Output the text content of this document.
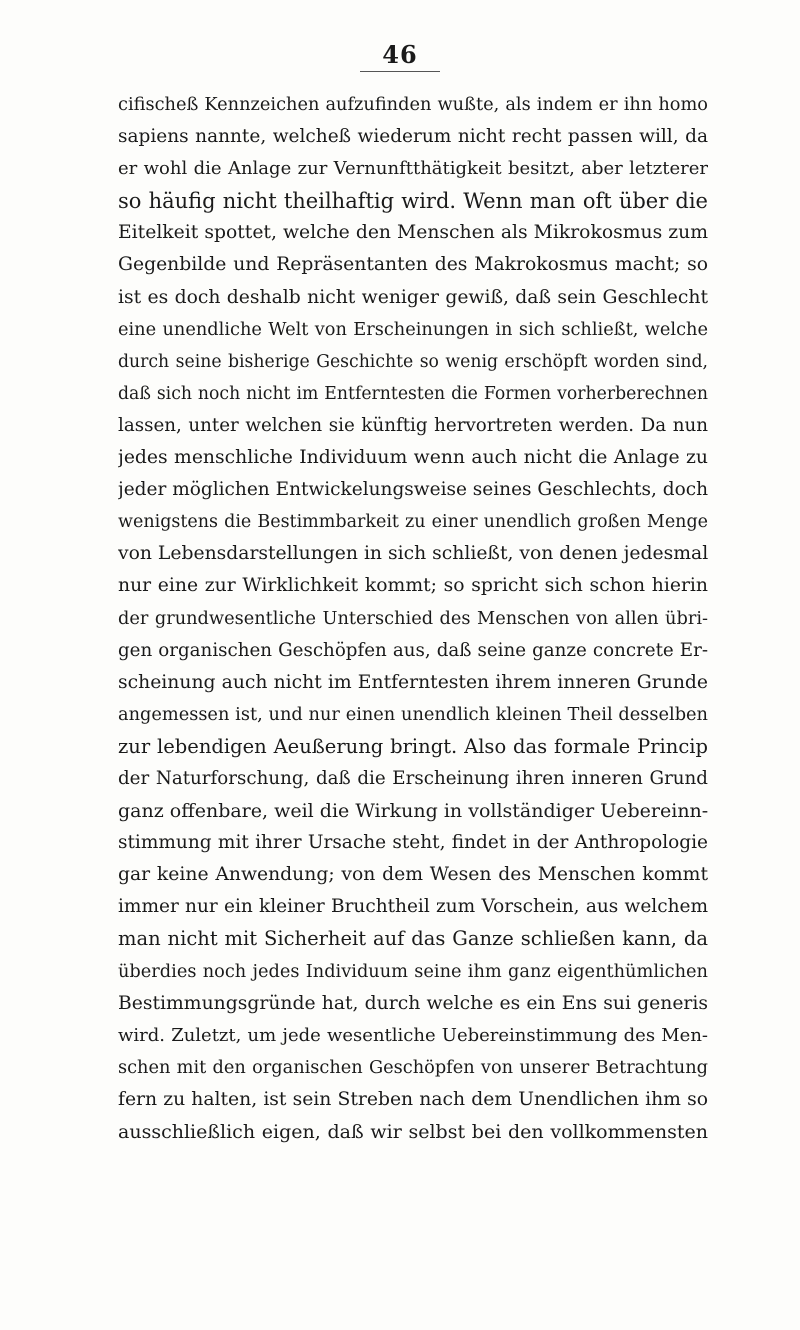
46
cifischeß Kennzeichen aufzufinden wußte, als indem er ihn homo
sapiens nannte, welcheß wiederum nicht recht passen will, da
er wohl die Anlage zur Vernunftthätigkeit besitzt, aber letzterer
so häufig nicht theilhaftig wird. Wenn man oft über die
Eitelkeit spottet, welche den Menschen als Mikrokosmus zum
Gegenbilde und Repräsentanten des Makrokosmus macht; so
ist es doch deshalb nicht weniger gewiß, daß sein Geschlecht
eine unendliche Welt von Erscheinungen in sich schließt, welche
durch seine bisherige Geschichte so wenig erschöpft worden sind,
daß sich noch nicht im Entferntesten die Formen vorherberechnen
lassen, unter welchen sie künftig hervortreten werden. Da nun
jedes menschliche Individuum wenn auch nicht die Anlage zu
jeder möglichen Entwickelungsweise seines Geschlechts, doch
wenigstens die Bestimmbarkeit zu einer unendlich großen Menge
von Lebensdarstellungen in sich schließt, von denen jedesmal
nur eine zur Wirklichkeit kommt; so spricht sich schon hierin
der grundwesentliche Unterschied des Menschen von allen übri-
gen organischen Geschöpfen aus, daß seine ganze concrete Er-
scheinung auch nicht im Entferntesten ihrem inneren Grunde
angemessen ist, und nur einen unendlich kleinen Theil desselben
zur lebendigen Aeußerung bringt. Also das formale Princip
der Naturforschung, daß die Erscheinung ihren inneren Grund
ganz offenbare, weil die Wirkung in vollständiger Uebereinn-
stimmung mit ihrer Ursache steht, findet in der Anthropologie
gar keine Anwendung; von dem Wesen des Menschen kommt
immer nur ein kleiner Bruchtheil zum Vorschein, aus welchem
man nicht mit Sicherheit auf das Ganze schließen kann, da
überdies noch jedes Individuum seine ihm ganz eigenthümlichen
Bestimmungsgründe hat, durch welche es ein Ens sui generis
wird. Zuletzt, um jede wesentliche Uebereinstimmung des Men-
schen mit den organischen Geschöpfen von unserer Betrachtung
fern zu halten, ist sein Streben nach dem Unendlichen ihm so
ausschließlich eigen, daß wir selbst bei den vollkommensten
